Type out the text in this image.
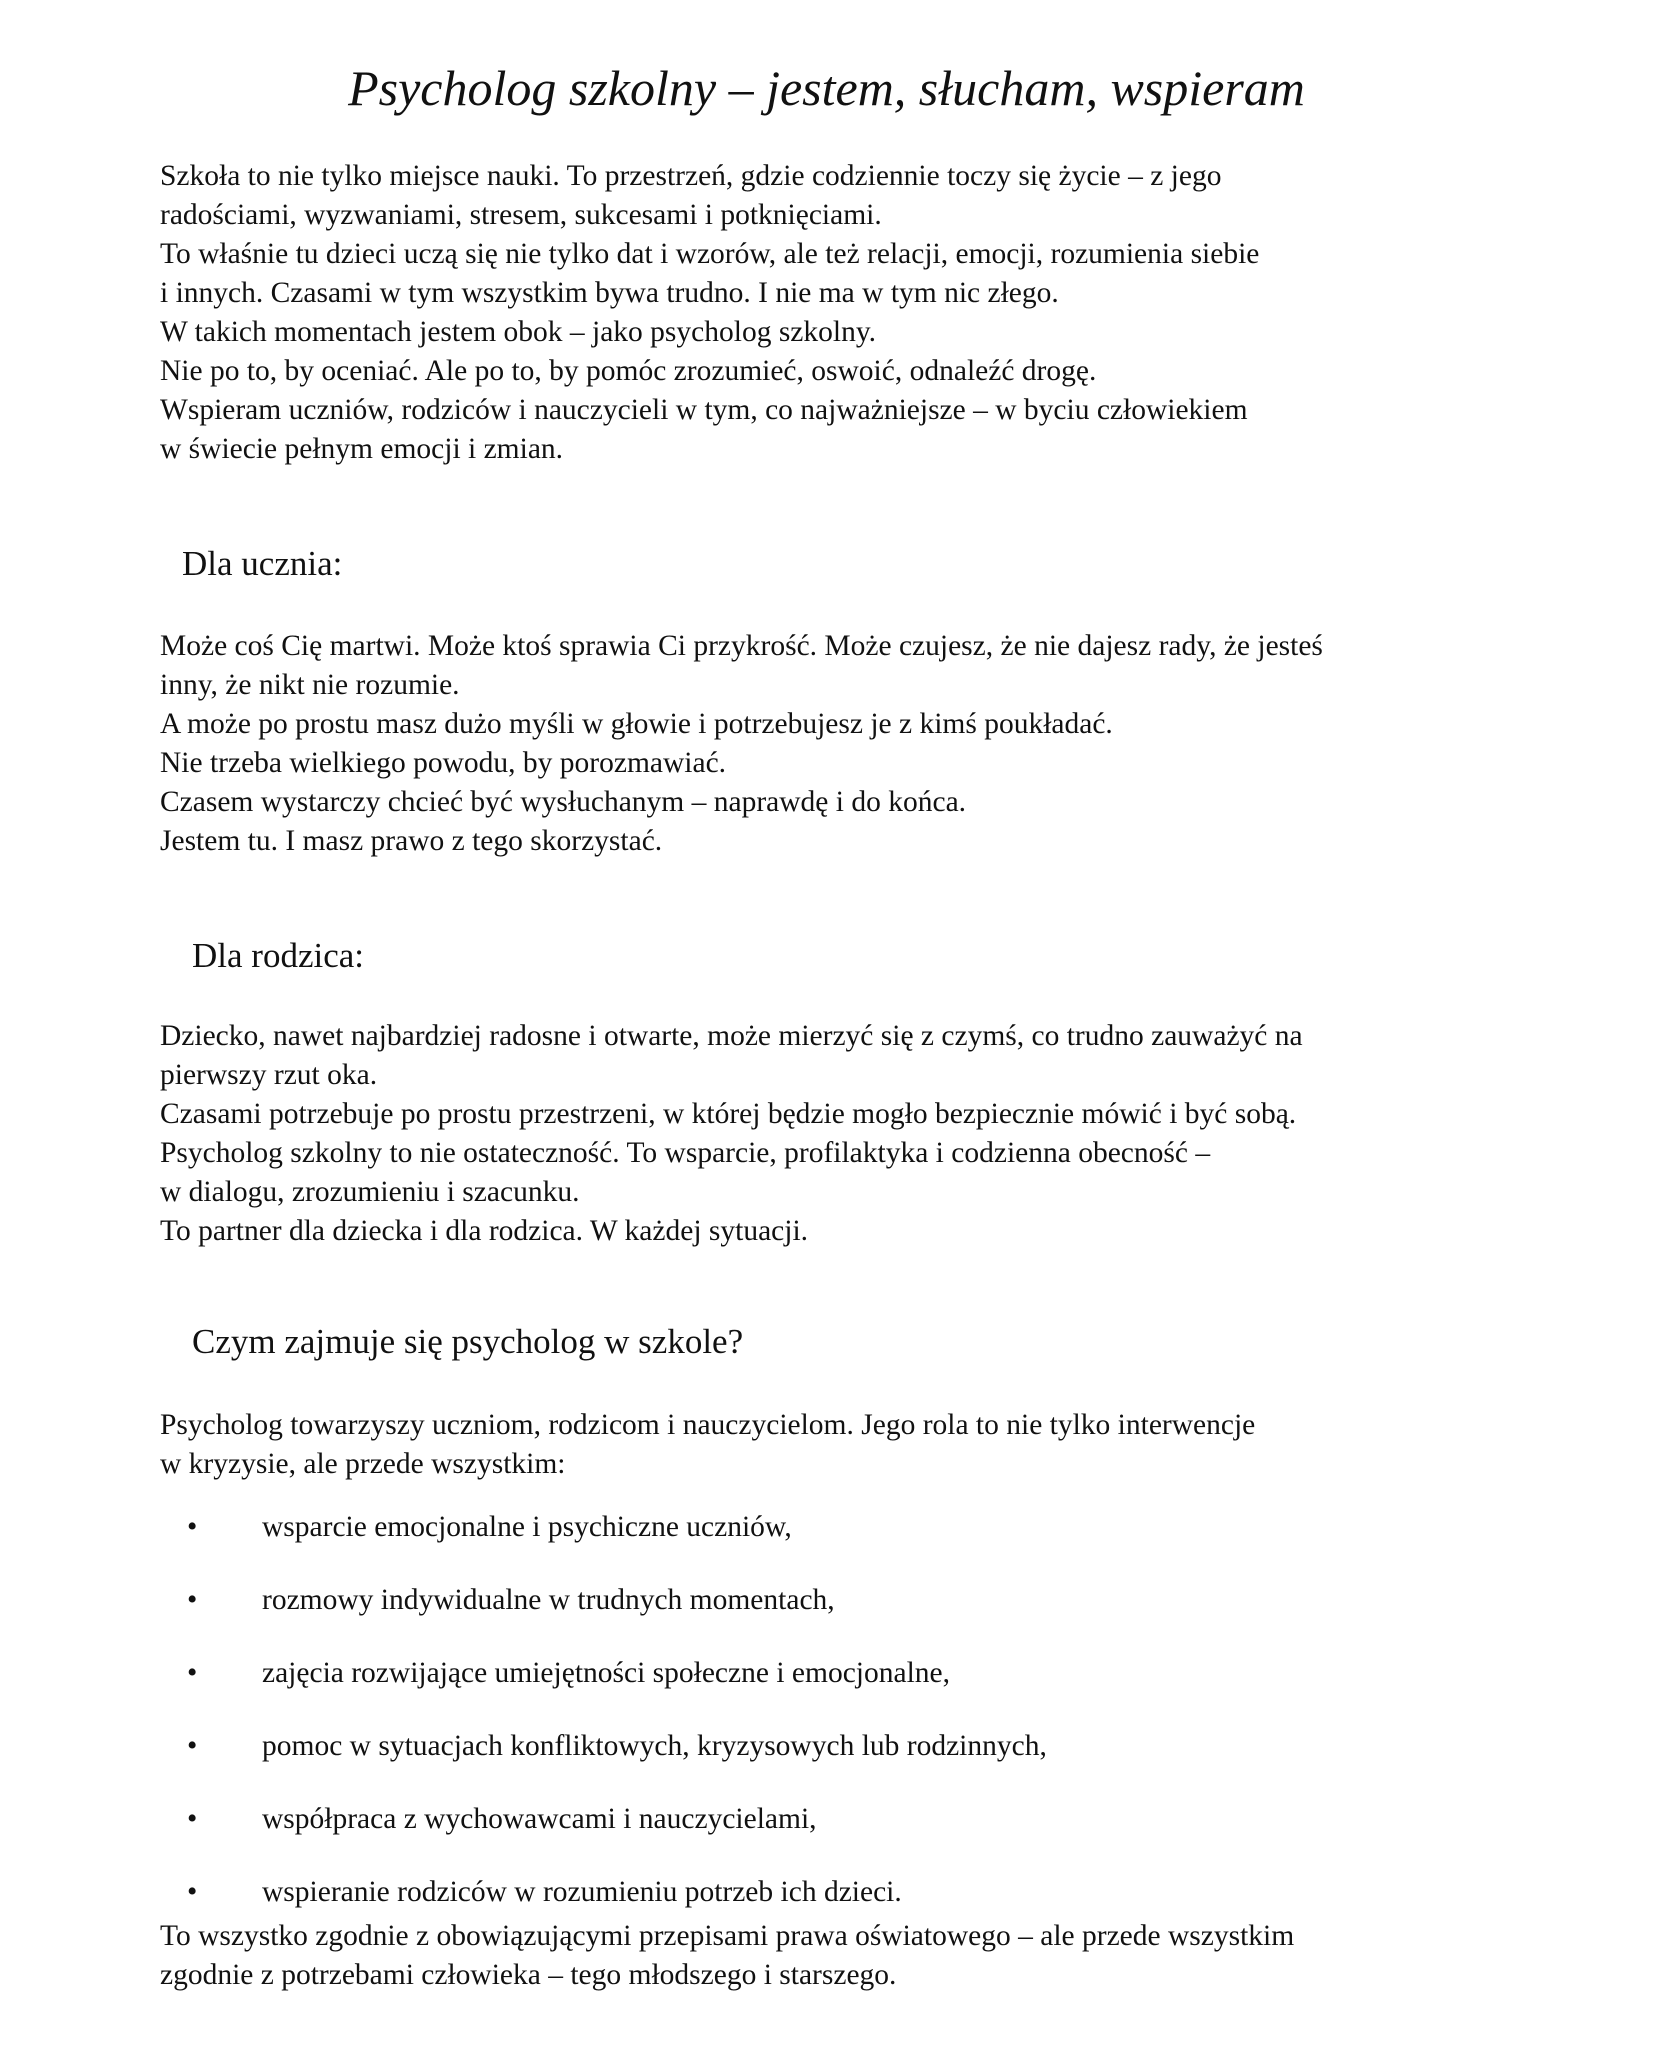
Psycholog szkolny – jestem, słucham, wspieram
Szkoła to nie tylko miejsce nauki. To przestrzeń, gdzie codziennie toczy się życie – z jego
radościami, wyzwaniami, stresem, sukcesami i potknięciami.
To właśnie tu dzieci uczą się nie tylko dat i wzorów, ale też relacji, emocji, rozumienia siebie
i innych. Czasami w tym wszystkim bywa trudno. I nie ma w tym nic złego.
W takich momentach jestem obok – jako psycholog szkolny.
Nie po to, by oceniać. Ale po to, by pomóc zrozumieć, oswoić, odnaleźć drogę.
Wspieram uczniów, rodziców i nauczycieli w tym, co najważniejsze – w byciu człowiekiem
w świecie pełnym emocji i zmian.
Dla ucznia:
Może coś Cię martwi. Może ktoś sprawia Ci przykrość. Może czujesz, że nie dajesz rady, że jesteś
inny, że nikt nie rozumie.
A może po prostu masz dużo myśli w głowie i potrzebujesz je z kimś poukładać.
Nie trzeba wielkiego powodu, by porozmawiać.
Czasem wystarczy chcieć być wysłuchanym – naprawdę i do końca.
Jestem tu. I masz prawo z tego skorzystać.
Dla rodzica:
Dziecko, nawet najbardziej radosne i otwarte, może mierzyć się z czymś, co trudno zauważyć na
pierwszy rzut oka.
Czasami potrzebuje po prostu przestrzeni, w której będzie mogło bezpiecznie mówić i być sobą.
Psycholog szkolny to nie ostateczność. To wsparcie, profilaktyka i codzienna obecność –
w dialogu, zrozumieniu i szacunku.
To partner dla dziecka i dla rodzica. W każdej sytuacji.
Czym zajmuje się psycholog w szkole?
Psycholog towarzyszy uczniom, rodzicom i nauczycielom. Jego rola to nie tylko interwencje
w kryzysie, ale przede wszystkim:
• wsparcie emocjonalne i psychiczne uczniów,
• rozmowy indywidualne w trudnych momentach,
• zajęcia rozwijające umiejętności społeczne i emocjonalne,
• pomoc w sytuacjach konfliktowych, kryzysowych lub rodzinnych,
• współpraca z wychowawcami i nauczycielami,
• wspieranie rodziców w rozumieniu potrzeb ich dzieci.
To wszystko zgodnie z obowiązującymi przepisami prawa oświatowego – ale przede wszystkim
zgodnie z potrzebami człowieka – tego młodszego i starszego.
